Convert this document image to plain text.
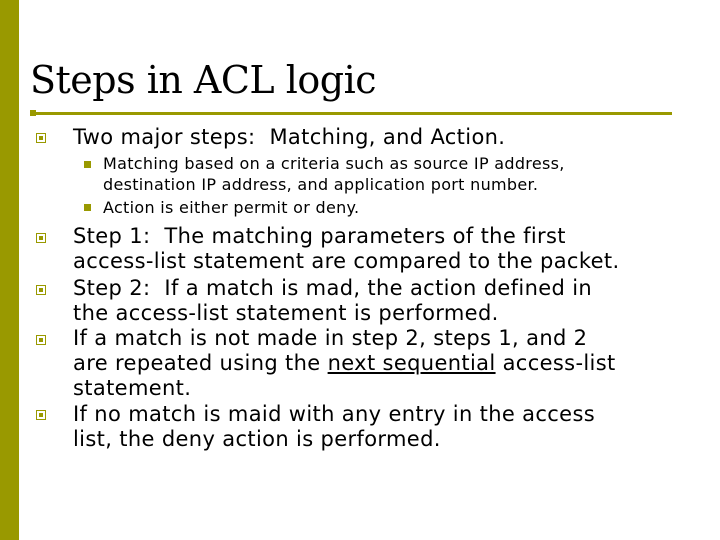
Steps in ACL logic
Two major steps:  Matching, and Action.
Matching based on a criteria such as source IP address,
destination IP address, and application port number.
Action is either permit or deny.
Step 1:  The matching parameters of the first
access-list statement are compared to the packet.
Step 2:  If a match is mad, the action defined in
the access-list statement is performed.
If a match is not made in step 2, steps 1, and 2
are repeated using the next sequential access-list
statement.
If no match is maid with any entry in the access
list, the deny action is performed.
